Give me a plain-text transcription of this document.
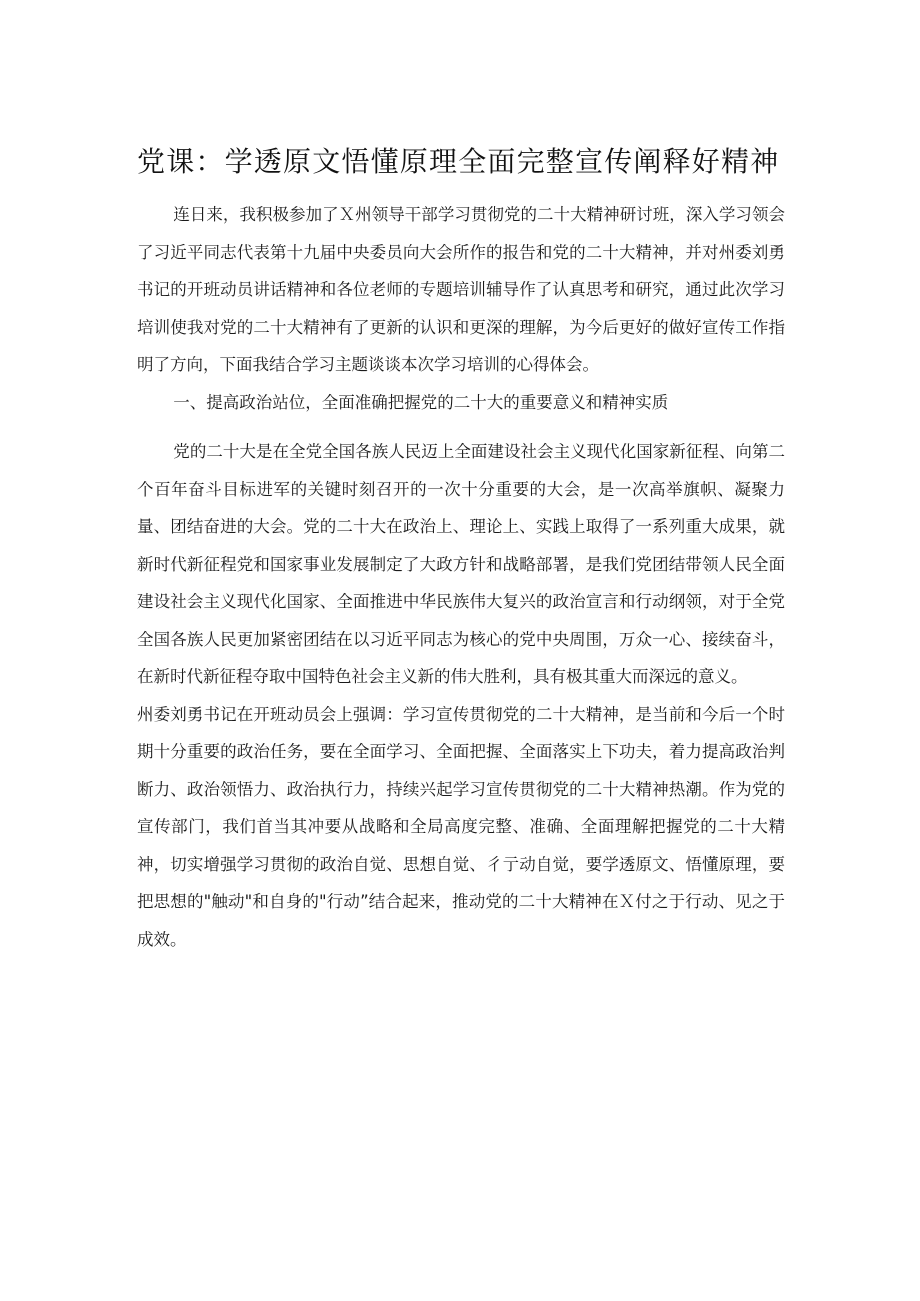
党课：学透原文悟懂原理全面完整宣传阐释好精神

连日来，我积极参加了Ｘ州领导干部学习贯彻党的二十大精神研讨班，深入学习领会了习近平同志代表第十九届中央委员向大会所作的报告和党的二十大精神，并对州委刘勇书记的开班动员讲话精神和各位老师的专题培训辅导作了认真思考和研究，通过此次学习培训使我对党的二十大精神有了更新的认识和更深的理解，为今后更好的做好宣传工作指明了方向，下面我结合学习主题谈谈本次学习培训的心得体会。

一、提高政治站位，全面准确把握党的二十大的重要意义和精神实质

党的二十大是在全党全国各族人民迈上全面建设社会主义现代化国家新征程、向第二个百年奋斗目标进军的关键时刻召开的一次十分重要的大会，是一次高举旗帜、凝聚力量、团结奋进的大会。党的二十大在政治上、理论上、实践上取得了一系列重大成果，就新时代新征程党和国家事业发展制定了大政方针和战略部署，是我们党团结带领人民全面建设社会主义现代化国家、全面推进中华民族伟大复兴的政治宣言和行动纲领，对于全党全国各族人民更加紧密团结在以习近平同志为核心的党中央周围，万众一心、接续奋斗，在新时代新征程夺取中国特色社会主义新的伟大胜利，具有极其重大而深远的意义。

州委刘勇书记在开班动员会上强调：学习宣传贯彻党的二十大精神，是当前和今后一个时期十分重要的政治任务，要在全面学习、全面把握、全面落实上下功夫，着力提高政治判断力、政治领悟力、政治执行力，持续兴起学习宣传贯彻党的二十大精神热潮。作为党的宣传部门，我们首当其冲要从战略和全局高度完整、准确、全面理解把握党的二十大精神，切实增强学习贯彻的政治自觉、思想自觉、彳亍动自觉，要学透原文、悟懂原理，要把思想的"触动"和自身的"行动”结合起来，推动党的二十大精神在Ｘ付之于行动、见之于成效。
